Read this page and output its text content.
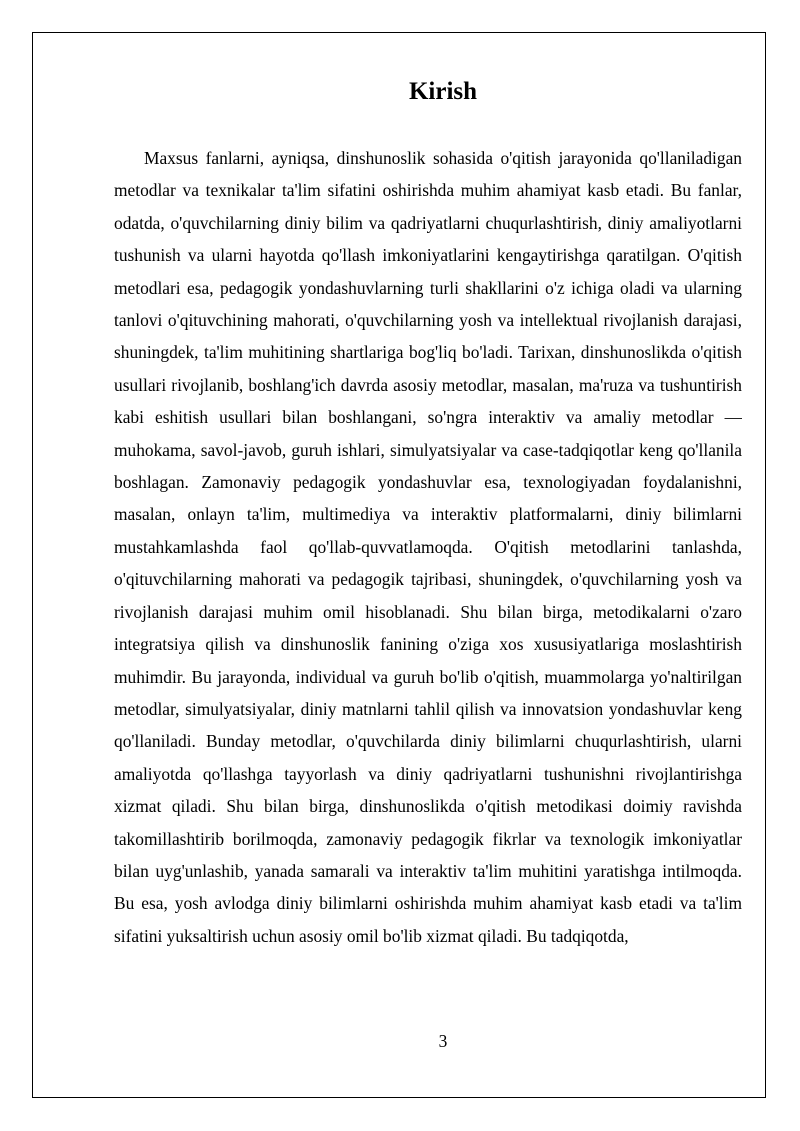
Kirish

Maxsus fanlarni, ayniqsa, dinshunoslik sohasida o'qitish jarayonida qo'llaniladigan metodlar va texnikalar ta'lim sifatini oshirishda muhim ahamiyat kasb etadi. Bu fanlar, odatda, o'quvchilarning diniy bilim va qadriyatlarni chuqurlashtirish, diniy amaliyotlarni tushunish va ularni hayotda qo'llash imkoniyatlarini kengaytirishga qaratilgan. O'qitish metodlari esa, pedagogik yondashuvlarning turli shakllarini o'z ichiga oladi va ularning tanlovi o'qituvchining mahorati, o'quvchilarning yosh va intellektual rivojlanish darajasi, shuningdek, ta'lim muhitining shartlariga bog'liq bo'ladi. Tarixan, dinshunoslikda o'qitish usullari rivojlanib, boshlang'ich davrda asosiy metodlar, masalan, ma'ruza va tushuntirish kabi eshitish usullari bilan boshlangani, so'ngra interaktiv va amaliy metodlar — muhokama, savol-javob, guruh ishlari, simulyatsiyalar va case-tadqiqotlar keng qo'llanila boshlagan. Zamonaviy pedagogik yondashuvlar esa, texnologiyadan foydalanishni, masalan, onlayn ta'lim, multimediya va interaktiv platformalarni, diniy bilimlarni mustahkamlashda faol qo'llab-quvvatlamoqda. O'qitish metodlarini tanlashda, o'qituvchilarning mahorati va pedagogik tajribasi, shuningdek, o'quvchilarning yosh va rivojlanish darajasi muhim omil hisoblanadi. Shu bilan birga, metodikalarni o'zaro integratsiya qilish va dinshunoslik fanining o'ziga xos xususiyatlariga moslashtirish muhimdir. Bu jarayonda, individual va guruh bo'lib o'qitish, muammolarga yo'naltirilgan metodlar, simulyatsiyalar, diniy matnlarni tahlil qilish va innovatsion yondashuvlar keng qo'llaniladi. Bunday metodlar, o'quvchilarda diniy bilimlarni chuqurlashtirish, ularni amaliyotda qo'llashga tayyorlash va diniy qadriyatlarni tushunishni rivojlantirishga xizmat qiladi. Shu bilan birga, dinshunoslikda o'qitish metodikasi doimiy ravishda takomillashtirib borilmoqda, zamonaviy pedagogik fikrlar va texnologik imkoniyatlar bilan uyg'unlashib, yanada samarali va interaktiv ta'lim muhitini yaratishga intilmoqda. Bu esa, yosh avlodga diniy bilimlarni oshirishda muhim ahamiyat kasb etadi va ta'lim sifatini yuksaltirish uchun asosiy omil bo'lib xizmat qiladi. Bu tadqiqotda,

3
